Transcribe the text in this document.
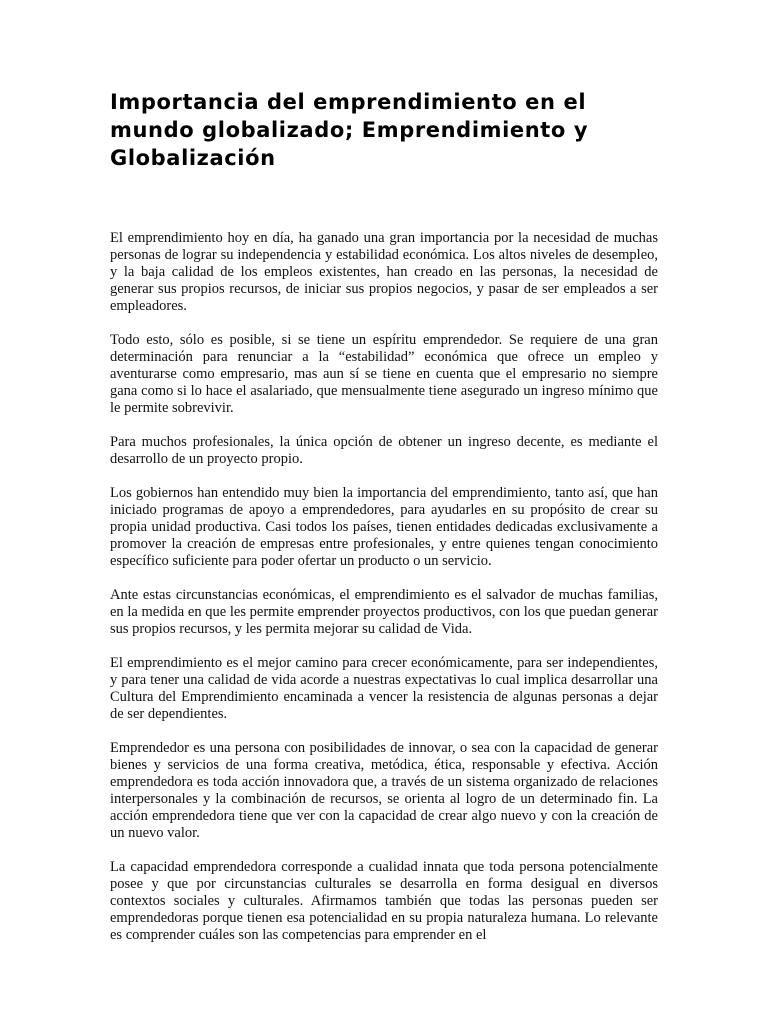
Importancia del emprendimiento en el mundo globalizado; Emprendimiento y Globalización

El emprendimiento hoy en día, ha ganado una gran importancia por la necesidad de muchas personas de lograr su independencia y estabilidad económica. Los altos niveles de desempleo, y la baja calidad de los empleos existentes, han creado en las personas, la necesidad de generar sus propios recursos, de iniciar sus propios negocios, y pasar de ser empleados a ser empleadores.

Todo esto, sólo es posible, si se tiene un espíritu emprendedor. Se requiere de una gran determinación para renunciar a la “estabilidad” económica que ofrece un empleo y aventurarse como empresario, mas aun sí se tiene en cuenta que el empresario no siempre gana como si lo hace el asalariado, que mensualmente tiene asegurado un ingreso mínimo que le permite sobrevivir.

Para muchos profesionales, la única opción de obtener un ingreso decente, es mediante el desarrollo de un proyecto propio.

Los gobiernos han entendido muy bien la importancia del emprendimiento, tanto así, que han iniciado programas de apoyo a emprendedores, para ayudarles en su propósito de crear su propia unidad productiva. Casi todos los países, tienen entidades dedicadas exclusivamente a promover la creación de empresas entre profesionales, y entre quienes tengan conocimiento específico suficiente para poder ofertar un producto o un servicio.

Ante estas circunstancias económicas, el emprendimiento es el salvador de muchas familias, en la medida en que les permite emprender proyectos productivos, con los que puedan generar sus propios recursos, y les permita mejorar su calidad de Vida.

El emprendimiento es el mejor camino para crecer económicamente, para ser independientes, y para tener una calidad de vida acorde a nuestras expectativas lo cual implica desarrollar una Cultura del Emprendimiento encaminada a vencer la resistencia de algunas personas a dejar de ser dependientes.

Emprendedor es una persona con posibilidades de innovar, o sea con la capacidad de generar bienes y servicios de una forma creativa, metódica, ética, responsable y efectiva. Acción emprendedora es toda acción innovadora que, a través de un sistema organizado de relaciones interpersonales y la combinación de recursos, se orienta al logro de un determinado fin. La acción emprendedora tiene que ver con la capacidad de crear algo nuevo y con la creación de un nuevo valor.

La capacidad emprendedora corresponde a cualidad innata que toda persona potencialmente posee y que por circunstancias culturales se desarrolla en forma desigual en diversos contextos sociales y culturales. Afirmamos también que todas las personas pueden ser emprendedoras porque tienen esa potencialidad en su propia naturaleza humana. Lo relevante es comprender cuáles son las competencias para emprender en el
